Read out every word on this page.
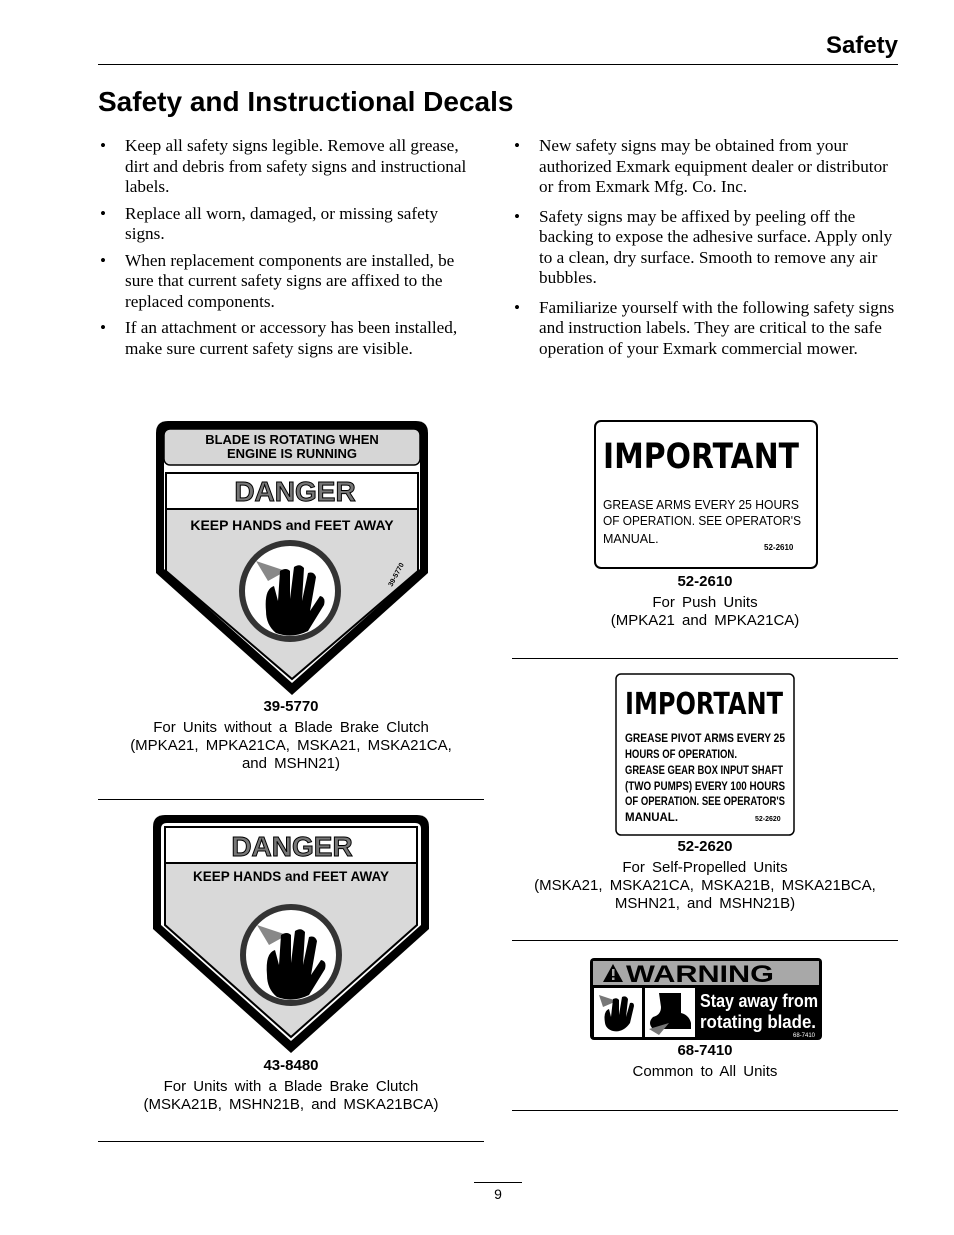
Safety
Safety and Instructional Decals
• Keep all safety signs legible. Remove all grease, dirt and debris from safety signs and instructional labels.
• Replace all worn, damaged, or missing safety signs.
• When replacement components are installed, be sure that current safety signs are affixed to the replaced components.
• If an attachment or accessory has been installed, make sure current safety signs are visible.
• New safety signs may be obtained from your authorized Exmark equipment dealer or distributor or from Exmark Mfg. Co. Inc.
• Safety signs may be affixed by peeling off the backing to expose the adhesive surface. Apply only to a clean, dry surface. Smooth to remove any air bubbles.
• Familiarize yourself with the following safety signs and instruction labels. They are critical to the safe operation of your Exmark commercial mower.
BLADE IS ROTATING WHEN
ENGINE IS RUNNING
DANGER
KEEP HANDS and FEET AWAY
39-5770
39-5770
For Units without a Blade Brake Clutch
(MPKA21, MPKA21CA, MSKA21, MSKA21CA,
and MSHN21)
DANGER
KEEP HANDS and FEET AWAY
43-8480
For Units with a Blade Brake Clutch
(MSKA21B, MSHN21B, and MSKA21BCA)
IMPORTANT
GREASE ARMS EVERY 25 HOURS
OF OPERATION. SEE OPERATOR'S
MANUAL.
52-2610
52-2610
For Push Units
(MPKA21 and MPKA21CA)
IMPORTANT
GREASE PIVOT ARMS EVERY 25
HOURS OF OPERATION.
GREASE GEAR BOX INPUT SHAFT
(TWO PUMPS) EVERY 100 HOURS
OF OPERATION. SEE OPERATOR'S
MANUAL.	52-2620
52-2620
For Self-Propelled Units
(MSKA21, MSKA21CA, MSKA21B, MSKA21BCA,
MSHN21, and MSHN21B)
WARNING
Stay away from
rotating blade.
68-7410
68-7410
Common to All Units
9
